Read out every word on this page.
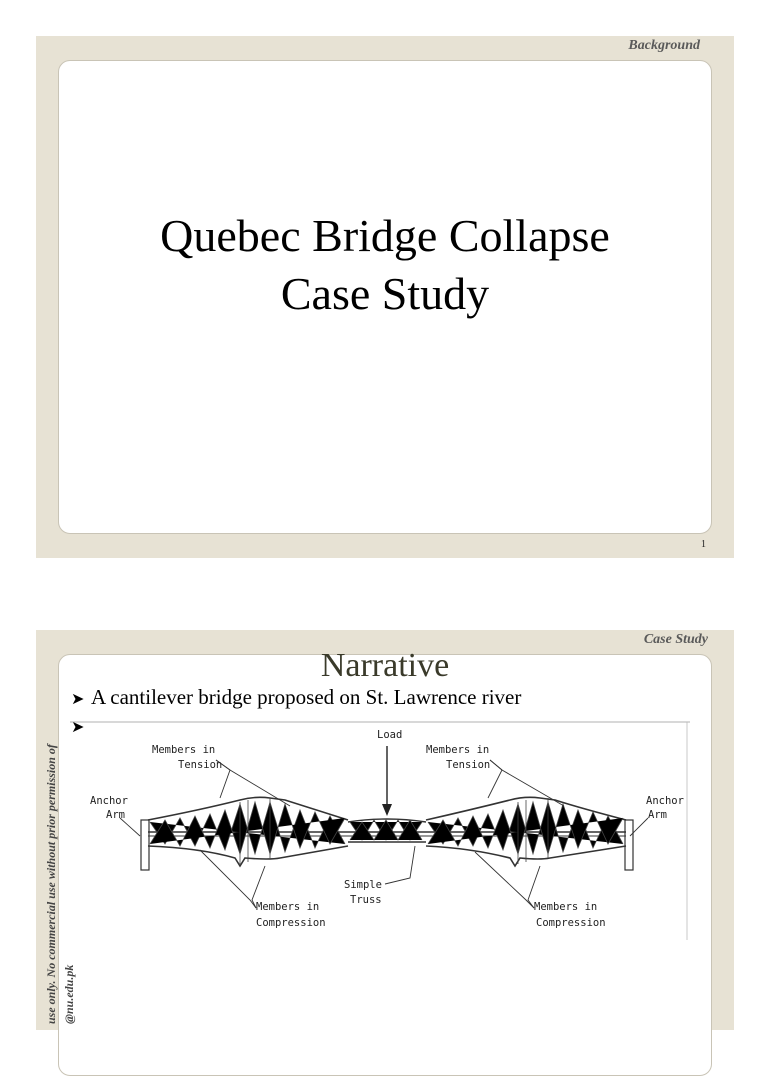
Background
Quebec Bridge Collapse
Case Study
1
Case Study
Narrative
➤ A cantilever bridge proposed on St. Lawrence river
➤	Load
Members in
Tension
Members in
Tension
Anchor
Arm
Anchor
Arm
Simple
Truss
Members in
Compression
Members in
Compression
use only. No commercial use without prior permission of @nu.edu.pk
